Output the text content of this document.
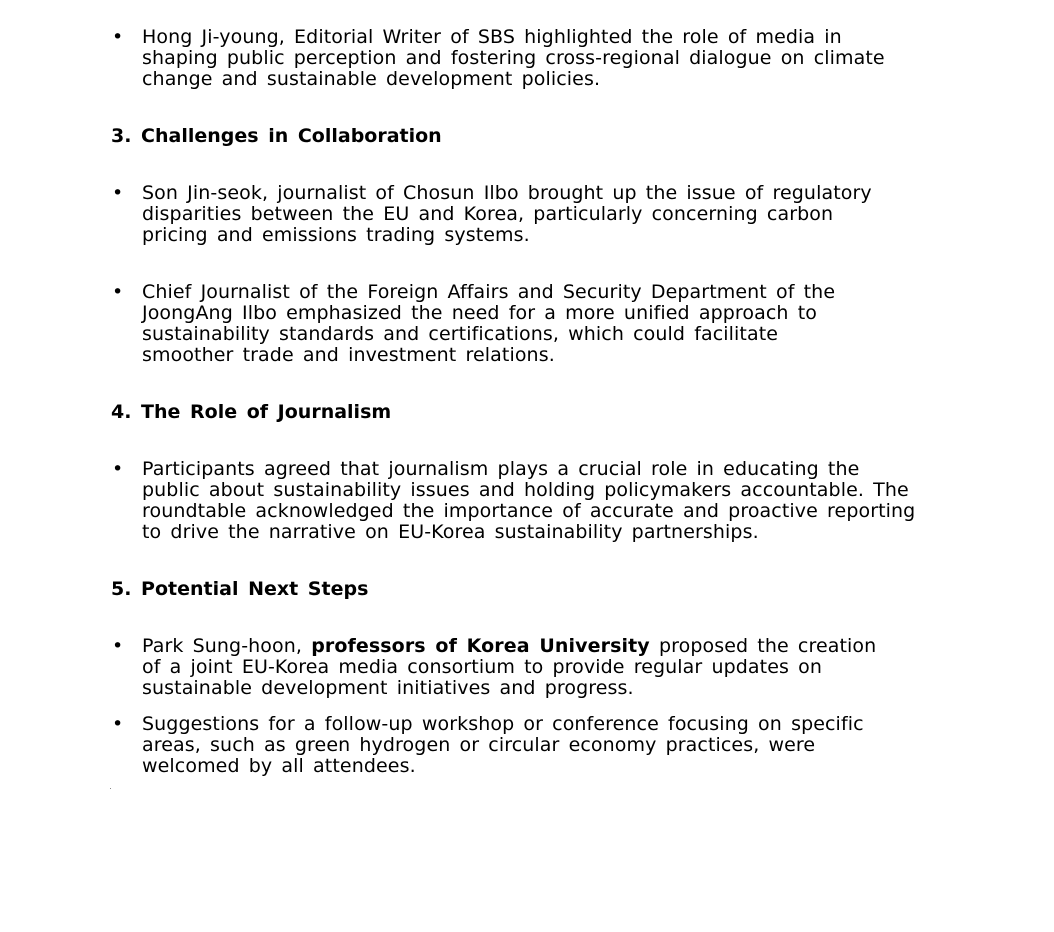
• Hong Ji-young, Editorial Writer of SBS highlighted the role of media in shaping public perception and fostering cross-regional dialogue on climate change and sustainable development policies.
3. Challenges in Collaboration
• Son Jin-seok, journalist of Chosun Ilbo brought up the issue of regulatory disparities between the EU and Korea, particularly concerning carbon pricing and emissions trading systems.
• Chief Journalist of the Foreign Affairs and Security Department of the JoongAng Ilbo emphasized the need for a more unified approach to sustainability standards and certifications, which could facilitate smoother trade and investment relations.
4. The Role of Journalism
• Participants agreed that journalism plays a crucial role in educating the public about sustainability issues and holding policymakers accountable. The roundtable acknowledged the importance of accurate and proactive reporting to drive the narrative on EU-Korea sustainability partnerships.
5. Potential Next Steps
• Park Sung-hoon, professors of Korea University proposed the creation of a joint EU-Korea media consortium to provide regular updates on sustainable development initiatives and progress.
• Suggestions for a follow-up workshop or conference focusing on specific areas, such as green hydrogen or circular economy practices, were welcomed by all attendees.
